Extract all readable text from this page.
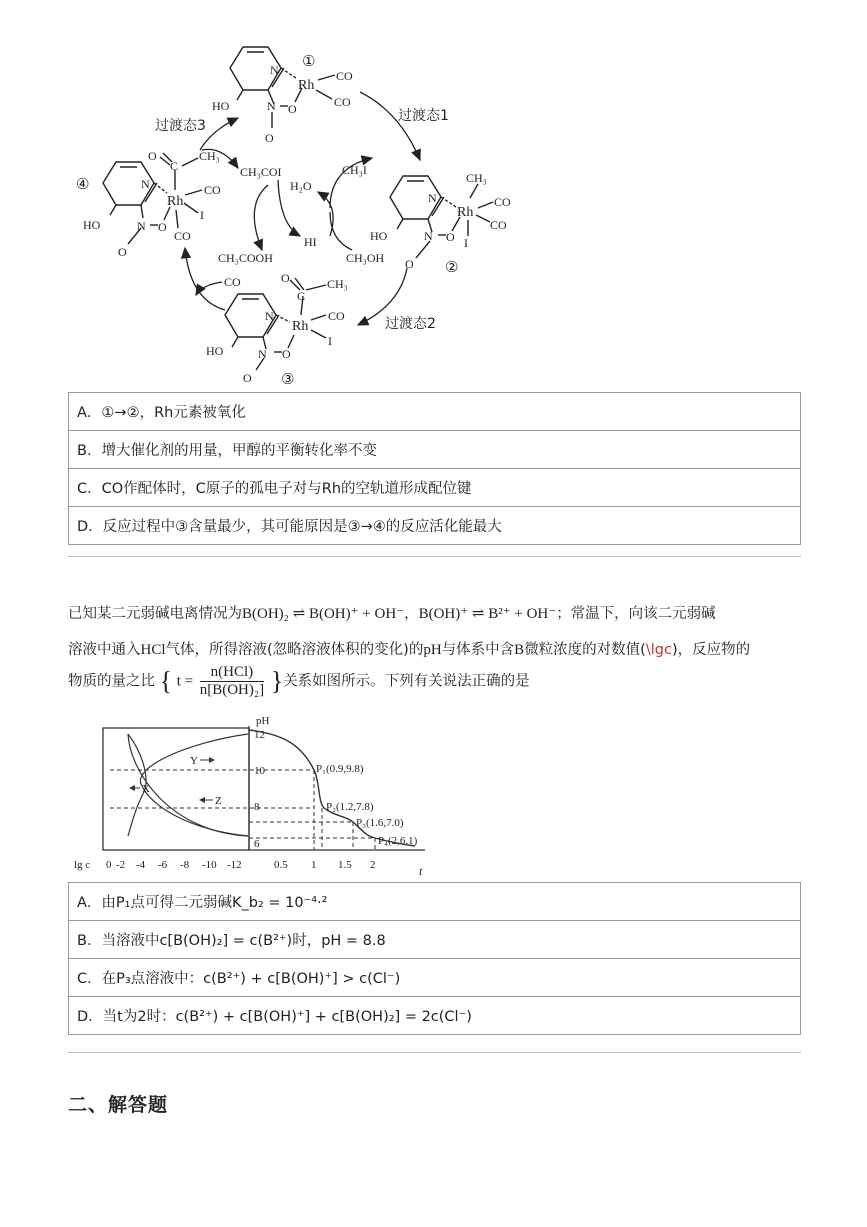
Rh
N
N O
O
HO
CO
CO
①
Rh
N
N O
O
HO
CH₃
CO
CO
I
②
Rh
N
N O
O
HO
O
C
CH₃
CO
I
③
Rh
N
N O
O
HO
O
C
CH₃
CO
I
CO
④
CH₃COI
H₂O
CH₃I
HI
CH₃COOH	CH₃OH
CO
过渡态1
过渡态2
过渡态3
A．①→②，Rh元素被氧化
B．增大催化剂的用量，甲醇的平衡转化率不变
C．CO作配体时，C原子的孤电子对与Rh的空轨道形成配位键
D．反应过程中③含量最少，其可能原因是③→④的反应活化能最大
已知某二元弱碱电离情况为B(OH)₂ ⇌ B(OH)⁺ + OH⁻，B(OH)⁺ ⇌ B²⁺ + OH⁻；常温下，向该二元弱碱
溶液中通入HCl气体，所得溶液(忽略溶液体积的变化)的pH与体系中含B微粒浓度的对数值(\lgc)，反应物的
物质的量之比 { $t = \frac{\text{n(HCl)}}{\text{n[B(OH)₂]}}$ }关系如图所示。下列有关说法正确的是
pH
t
lg c
12
10
8
6
0 -2 -4 -6 -8 -10 -12	0.5 1 1.5 2
Y
X
Z
P₁(0.9,9.8)
P₂(1.2,7.8)
P₃(1.6,7.0)
P₄(2,6.1)
A．由P₁点可得二元弱碱K_b₂ = 10⁻⁴·²
B．当溶液中c[B(OH)₂] = c(B²⁺)时，pH = 8.8
C．在P₃点溶液中：c(B²⁺) + c[B(OH)⁺] > c(Cl⁻)
D．当t为2时：c(B²⁺) + c[B(OH)⁺] + c[B(OH)₂] = 2c(Cl⁻)
二、解答题
